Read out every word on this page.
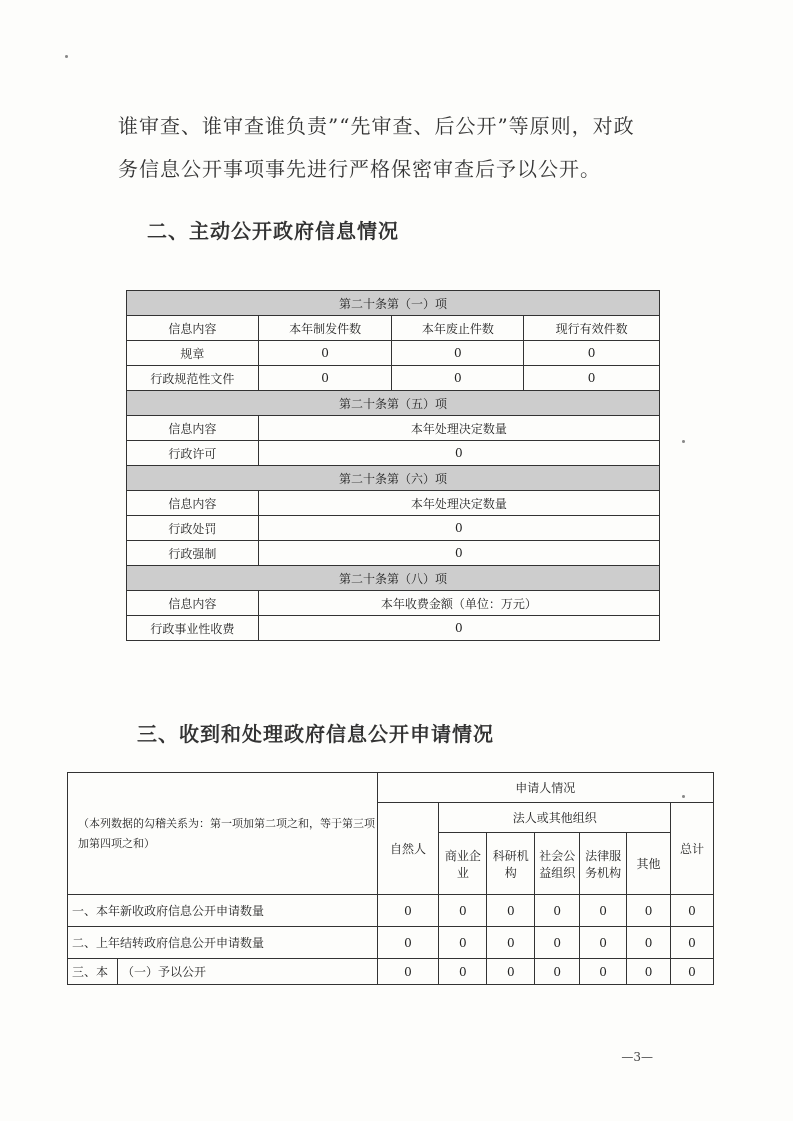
谁审查、谁审查谁负责”“先审查、后公开”等原则，对政
务信息公开事项事先进行严格保密审查后予以公开。
二、主动公开政府信息情况
第二十条第（一）项			
信息内容	本年制发件数	本年废止件数	现行有效件数
规章	0	0	0
行政规范性文件	0	0	0
第二十条第（五）项			
信息内容	本年处理决定数量		
行政许可	0		
第二十条第（六）项			
信息内容	本年处理决定数量		
行政处罚	0		
行政强制	0		
第二十条第（八）项			
信息内容	本年收费金额（单位：万元）		
行政事业性收费	0		
三、收到和处理政府信息公开申请情况
（本列数据的勾稽关系为：第一项加第二项之和，等于第三项加第四项之和）		申请人情况						
		自然人	法人或其他组织					总计
			商业企业	科研机构	社会公益组织	法律服务机构	其他	
一、本年新收政府信息公开申请数量		0	0	0	0	0	0	0
二、上年结转政府信息公开申请数量		0	0	0	0	0	0	0
三、本	（一）予以公开	0	0	0	0	0	0	0
—3—
